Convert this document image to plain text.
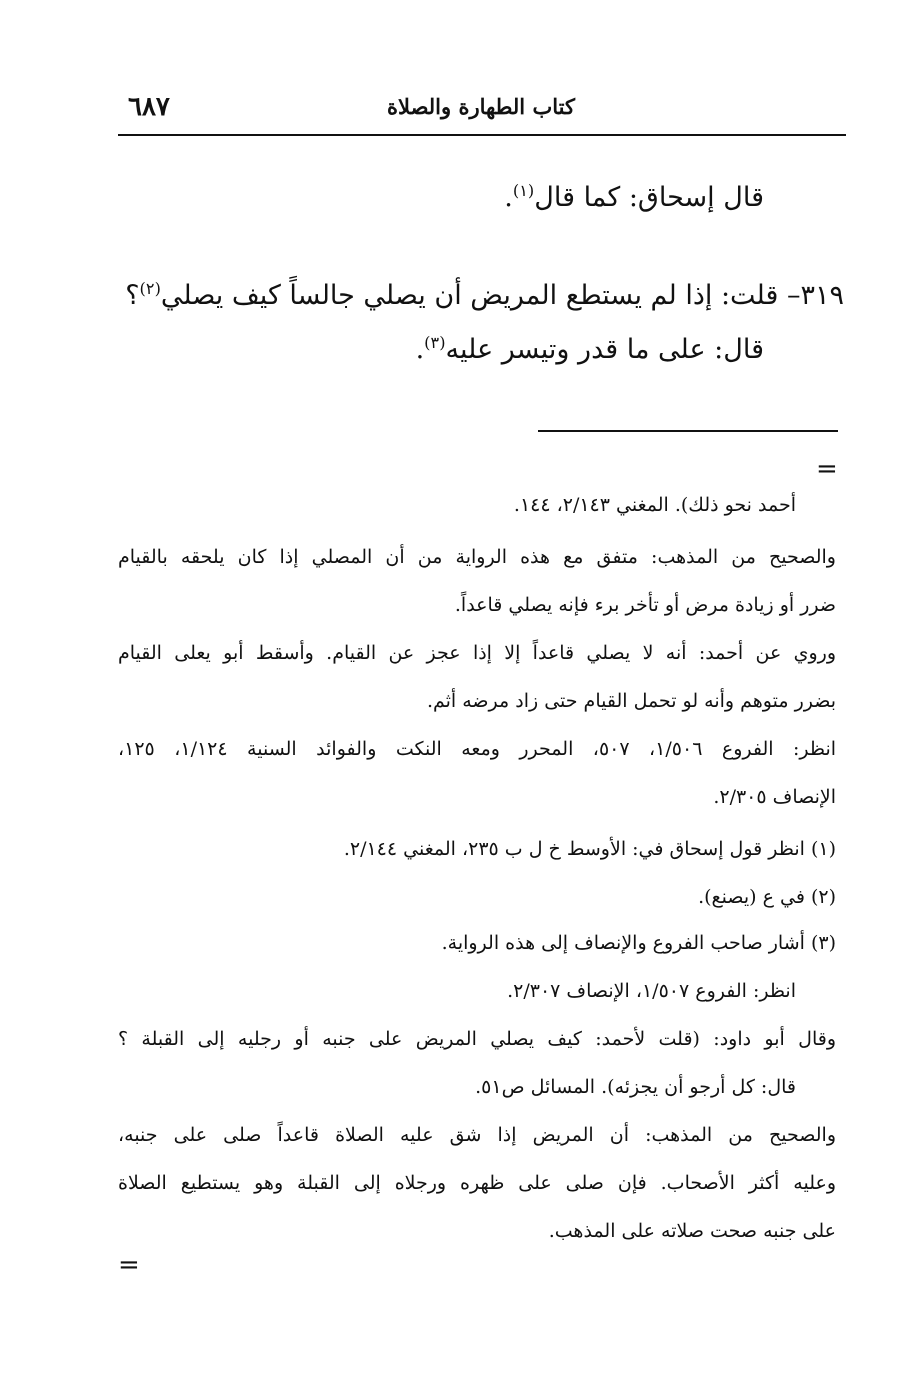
٦٨٧	كتاب الطهارة والصلاة
قال إسحاق: كما قال$^{(١)}$.
٣١٩– قلت: إذا لم يستطع المريض أن يصلي جالساً كيف يصلي$^{(٢)}$؟
قال: على ما قدر وتيسر عليه$^{(٣)}$.
=
أحمد نحو ذلك). المغني ٢/١٤٣، ١٤٤.
والصحيح من المذهب: متفق مع هذه الرواية من أن المصلي إذا كان يلحقه بالقيام
ضرر أو زيادة مرض أو تأخر برء فإنه يصلي قاعداً.
وروي عن أحمد: أنه لا يصلي قاعداً إلا إذا عجز عن القيام. وأسقط أبو يعلى القيام
بضرر متوهم وأنه لو تحمل القيام حتى زاد مرضه أثم.
انظر: الفروع ١/٥٠٦، ٥٠٧، المحرر ومعه النكت والفوائد السنية ١/١٢٤، ١٢٥،
الإنصاف ٢/٣٠٥.
(١) انظر قول إسحاق في: الأوسط خ ل ب ٢٣٥، المغني ٢/١٤٤.
(٢) في ع (يصنع).
(٣) أشار صاحب الفروع والإنصاف إلى هذه الرواية.
انظر: الفروع ١/٥٠٧، الإنصاف ٢/٣٠٧.
وقال أبو داود: (قلت لأحمد: كيف يصلي المريض على جنبه أو رجليه إلى القبلة ؟
قال: كل أرجو أن يجزئه). المسائل ص٥١.
والصحيح من المذهب: أن المريض إذا شق عليه الصلاة قاعداً صلى على جنبه،
وعليه أكثر الأصحاب. فإن صلى على ظهره ورجلاه إلى القبلة وهو يستطيع الصلاة
على جنبه صحت صلاته على المذهب.
=
